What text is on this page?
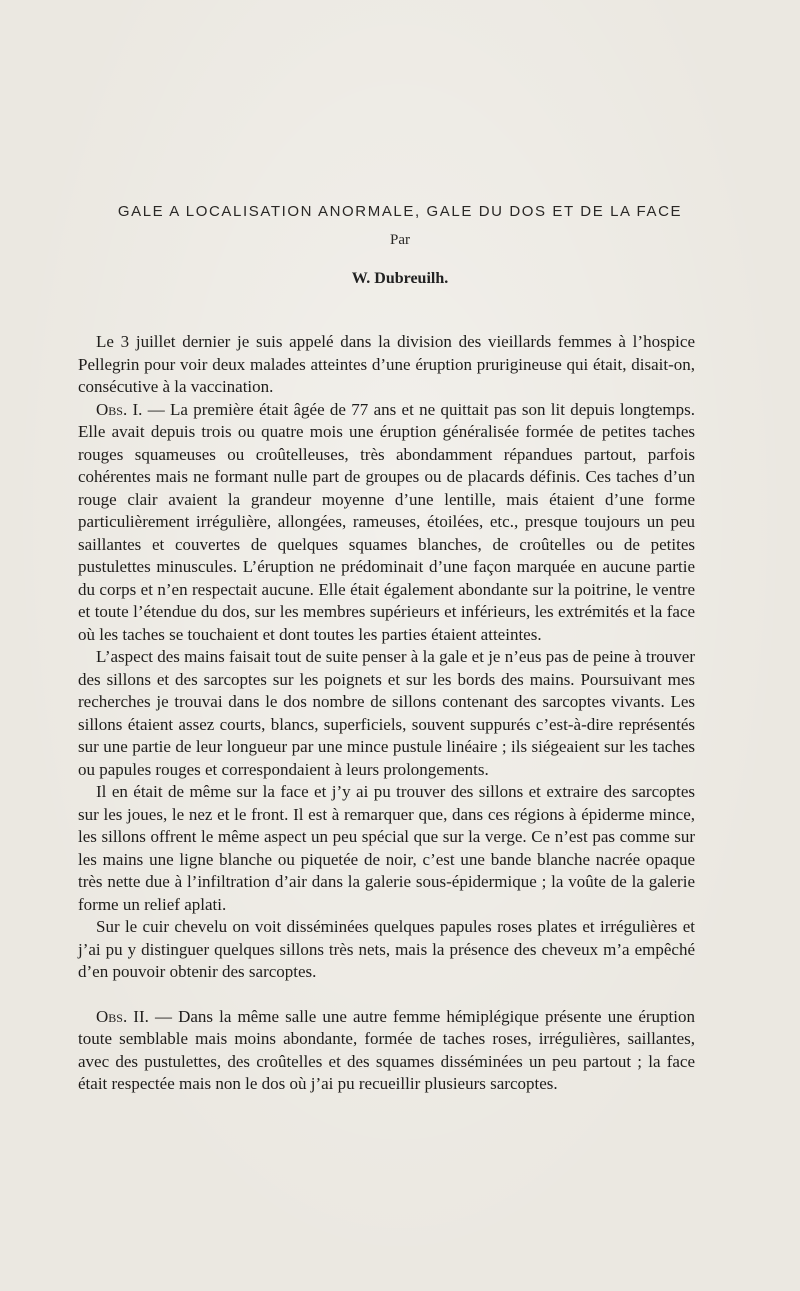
GALE A LOCALISATION ANORMALE, GALE DU DOS ET DE LA FACE
Par
W. Dubreuilh.

Le 3 juillet dernier je suis appelé dans la division des vieillards femmes à l’hospice Pellegrin pour voir deux malades atteintes d’une éruption prurigineuse qui était, disait-on, consécutive à la vaccination.

Obs. I. — La première était âgée de 77 ans et ne quittait pas son lit depuis longtemps. Elle avait depuis trois ou quatre mois une éruption généralisée formée de petites taches rouges squameuses ou croûtelleuses, très abondamment répandues partout, parfois cohérentes mais ne formant nulle part de groupes ou de placards définis. Ces taches d’un rouge clair avaient la grandeur moyenne d’une lentille, mais étaient d’une forme particulièrement irrégulière, allongées, rameuses, étoilées, etc., presque toujours un peu saillantes et couvertes de quelques squames blanches, de croûtelles ou de petites pustulettes minuscules. L’éruption ne prédominait d’une façon marquée en aucune partie du corps et n’en respectait aucune. Elle était également abondante sur la poitrine, le ventre et toute l’étendue du dos, sur les membres supérieurs et inférieurs, les extrémités et la face où les taches se touchaient et dont toutes les parties étaient atteintes.

L’aspect des mains faisait tout de suite penser à la gale et je n’eus pas de peine à trouver des sillons et des sarcoptes sur les poignets et sur les bords des mains. Poursuivant mes recherches je trouvai dans le dos nombre de sillons contenant des sarcoptes vivants. Les sillons étaient assez courts, blancs, superficiels, souvent suppurés c’est-à-dire représentés sur une partie de leur longueur par une mince pustule linéaire ; ils siégeaient sur les taches ou papules rouges et correspondaient à leurs prolongements.

Il en était de même sur la face et j’y ai pu trouver des sillons et extraire des sarcoptes sur les joues, le nez et le front. Il est à remarquer que, dans ces régions à épiderme mince, les sillons offrent le même aspect un peu spécial que sur la verge. Ce n’est pas comme sur les mains une ligne blanche ou piquetée de noir, c’est une bande blanche nacrée opaque très nette due à l’infiltration d’air dans la galerie sous-épidermique ; la voûte de la galerie forme un relief aplati.

Sur le cuir chevelu on voit disséminées quelques papules roses plates et irrégulières et j’ai pu y distinguer quelques sillons très nets, mais la présence des cheveux m’a empêché d’en pouvoir obtenir des sarcoptes.

Obs. II. — Dans la même salle une autre femme hémiplégique présente une éruption toute semblable mais moins abondante, formée de taches roses, irrégulières, saillantes, avec des pustulettes, des croûtelles et des squames disséminées un peu partout ; la face était respectée mais non le dos où j’ai pu recueillir plusieurs sarcoptes.
